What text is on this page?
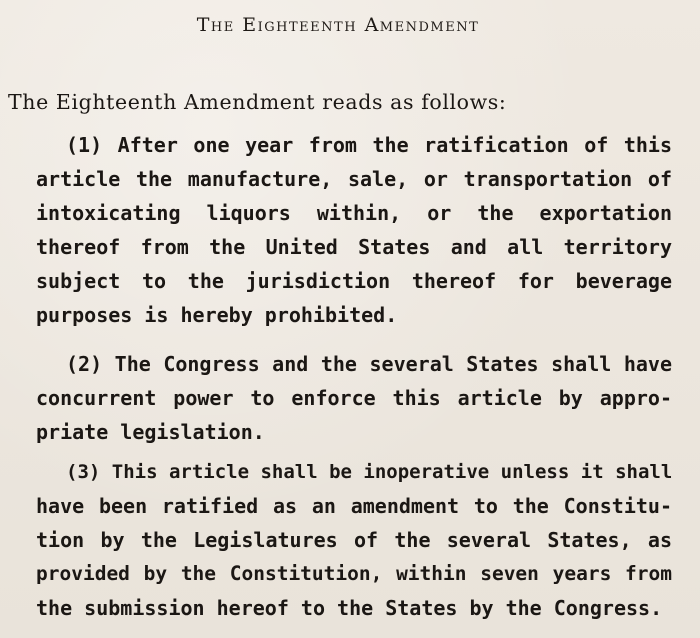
The Eighteenth Amendment
The Eighteenth Amendment reads as follows:
(1) After one year from the ratification of this
article the manufacture, sale, or transportation of
intoxicating liquors within, or the exportation
thereof from the United States and all territory
subject to the jurisdiction thereof for beverage
purposes is hereby prohibited.
(2) The Congress and the several States shall have
concurrent power to enforce this article by appro-
priate legislation.
(3) This article shall be inoperative unless it shall
have been ratified as an amendment to the Constitu-
tion by the Legislatures of the several States, as
provided by the Constitution, within seven years from
the submission hereof to the States by the Congress.
